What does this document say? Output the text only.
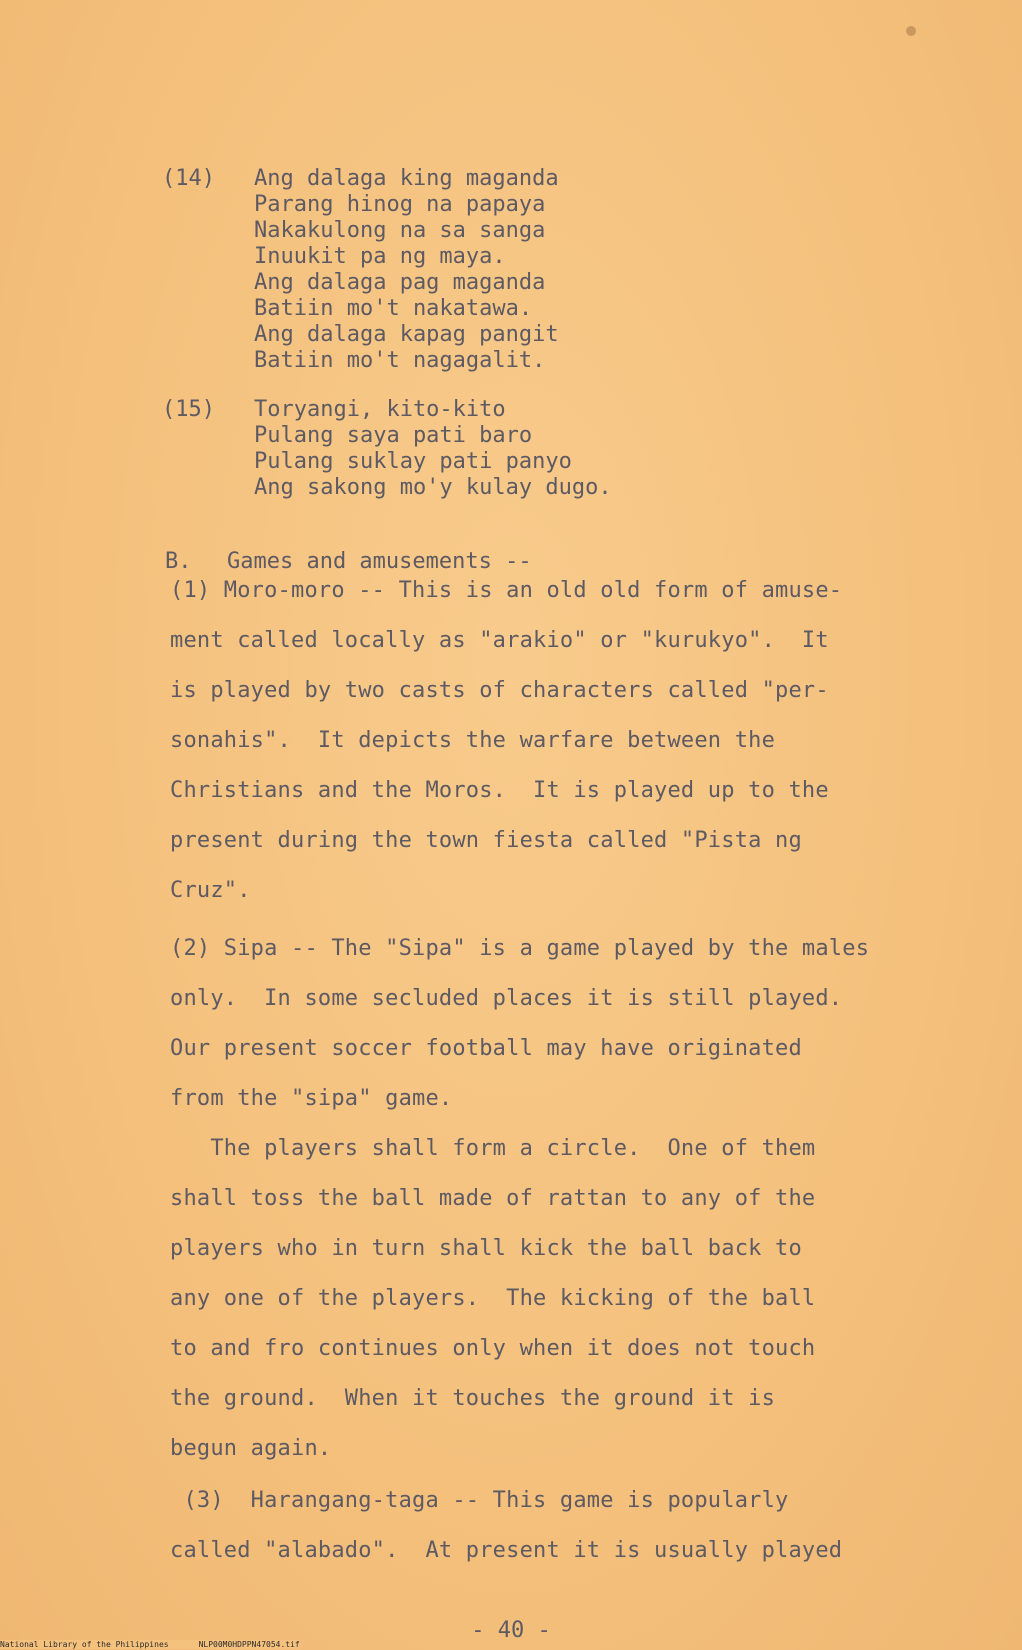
(14)	Ang dalaga king maganda
Parang hinog na papaya
Nakakulong na sa sanga
Inuukit pa ng maya.
Ang dalaga pag maganda
Batiin mo't nakatawa.
Ang dalaga kapag pangit
Batiin mo't nagagalit.
(15)	Toryangi, kito-kito
Pulang saya pati baro
Pulang suklay pati panyo
Ang sakong mo'y kulay dugo.

B. Games and amusements --

(1) Moro-moro -- This is an old old form of amuse-
ment called locally as "arakio" or "kurukyo".  It
is played by two casts of characters called "per-
sonahis".  It depicts the warfare between the
Christians and the Moros.  It is played up to the
present during the town fiesta called "Pista ng
Cruz".
(2) Sipa -- The "Sipa" is a game played by the males
only.  In some secluded places it is still played.
Our present soccer football may have originated
from the "sipa" game.
The players shall form a circle.  One of them
shall toss the ball made of rattan to any of the
players who in turn shall kick the ball back to
any one of the players.  The kicking of the ball
to and fro continues only when it does not touch
the ground.  When it touches the ground it is
begun again.
(3)  Harangang-taga -- This game is popularly
called "alabado".  At present it is usually played
- 40 -
National Library of the Philippines	NLP00M0HDPPN47054.tif
